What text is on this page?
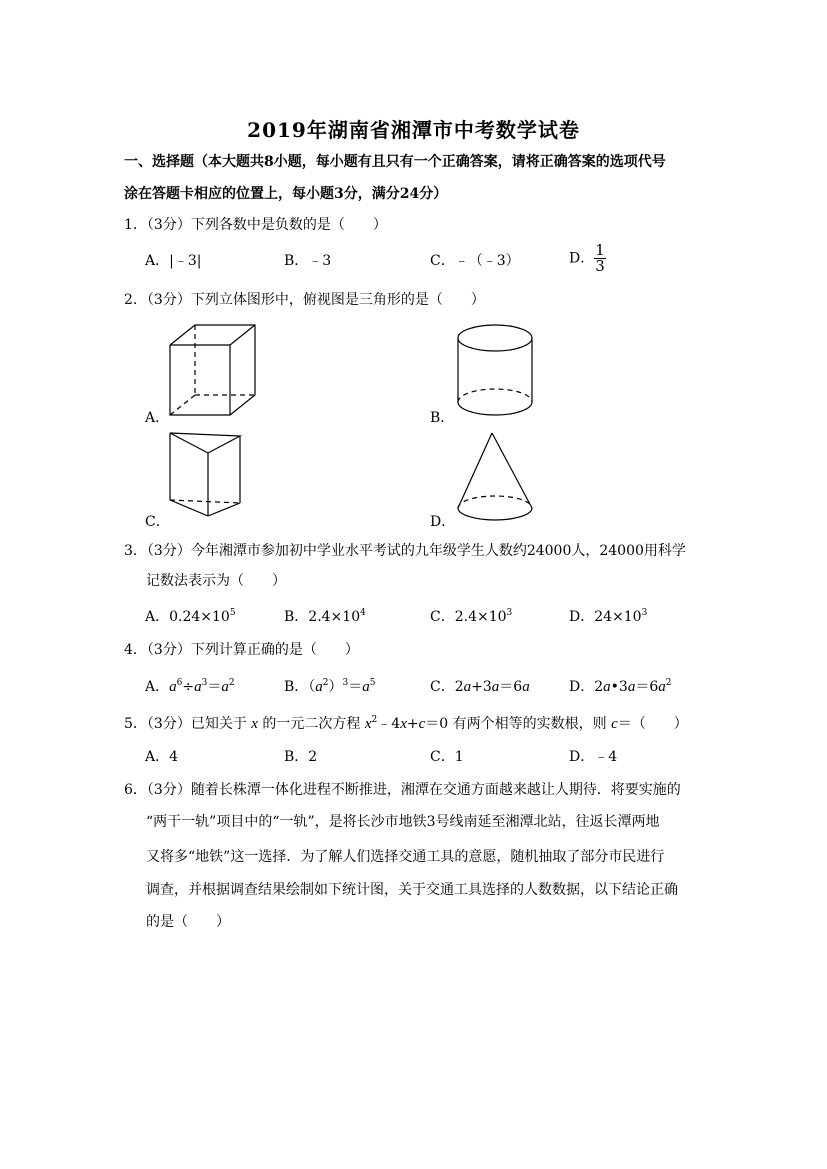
2019年湖南省湘潭市中考数学试卷
一、选择题（本大题共8小题，每小题有且只有一个正确答案，请将正确答案的选项代号
涂在答题卡相应的位置上，每小题3分，满分24分）
1．（3分）下列各数中是负数的是（　　）
A．|﹣3|	B．﹣3	C．﹣（﹣3）	D． $\frac{1}{3}$
2．（3分）下列立体图形中，俯视图是三角形的是（　　）
A．	B．
C．	D．
3．（3分）今年湘潭市参加初中学业水平考试的九年级学生人数约24000人，24000用科学
记数法表示为（　　）
A．$0.24\times 10^5$	B．$2.4\times 10^4$	C．$2.4\times 10^3$	D．$24\times 10^3$
4．（3分）下列计算正确的是（　　）
A．$a^6\div a^3=a^2$	B．$(a^2)^3=a^5$	C．2a+3a＝6a	D．$2a•3a=6a^2$
5．（3分）已知关于 x 的一元二次方程 $x^2﹣4x+c=0$ 有两个相等的实数根，则 c＝（　　）
A．4	B．2	C．1	D．﹣4
6．（3分）随着长株潭一体化进程不断推进，湘潭在交通方面越来越让人期待．将要实施的
“两干一轨”项目中的“一轨”，是将长沙市地铁3号线南延至湘潭北站，往返长潭两地
又将多“地铁”这一选择．为了解人们选择交通工具的意愿，随机抽取了部分市民进行
调查，并根据调查结果绘制如下统计图，关于交通工具选择的人数数据，以下结论正确
的是（　　）
